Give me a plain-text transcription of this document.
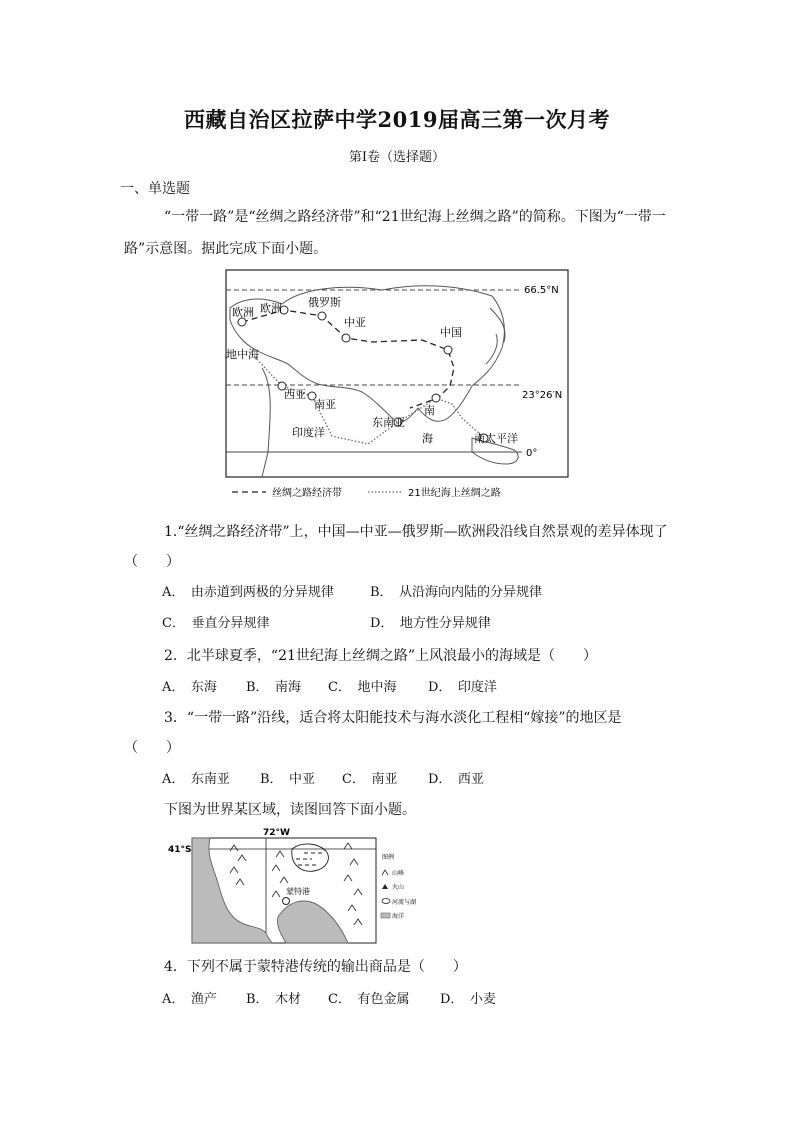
西藏自治区拉萨中学2019届高三第一次月考
第I卷（选择题）
一、单选题
“一带一路”是“丝绸之路经济带”和“21世纪海上丝绸之路”的简称。下图为“一带一路”示意图。据此完成下面小题。
66.5°N
23°26′N
0°
欧洲 欧洲 俄罗斯
中亚
中国
地中海
西亚
南亚
东南亚
南
海	南太平洋
印度洋
丝绸之路经济带	21世纪海上丝绸之路
1.“丝绸之路经济带”上，中国—中亚—俄罗斯—欧洲段沿线自然景观的差异体现了
（　　）
A．　由赤道到两极的分异规律	B．　从沿海向内陆的分异规律
C．　垂直分异规律	D．　地方性分异规律
2．北半球夏季，“21世纪海上丝绸之路”上风浪最小的海域是（　　）
A．　东海 B．　南海 C．　地中海 D．　印度洋
3．“一带一路”沿线，适合将太阳能技术与海水淡化工程相“嫁接”的地区是
（　　）
A．　东南亚 B．　中亚 C．　南亚 D．　西亚
下图为世界某区域，读图回答下面小题。
72°W
41°S
蒙特港
图例
山峰
火山
河流与湖
海洋
4．下列不属于蒙特港传统的输出商品是（　　）
A．　渔产 B．　木材 C．　有色金属 D．　小麦
